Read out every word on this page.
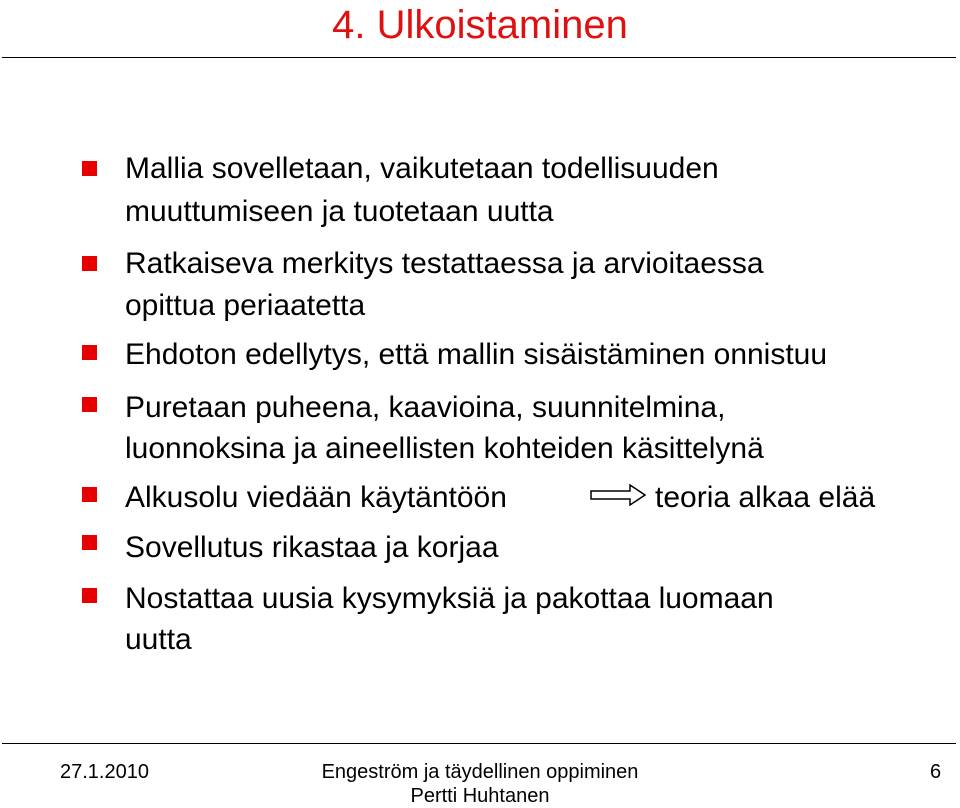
4. Ulkoistaminen
Mallia sovelletaan, vaikutetaan todellisuuden
muuttumiseen ja tuotetaan uutta
Ratkaiseva merkitys testattaessa ja arvioitaessa
opittua periaatetta
Ehdoton edellytys, että mallin sisäistäminen onnistuu
Puretaan puheena, kaavioina, suunnitelmina,
luonnoksina ja aineellisten kohteiden käsittelynä
Alkusolu viedään käytäntöön	teoria alkaa elää
Sovellutus rikastaa ja korjaa
Nostattaa uusia kysymyksiä ja pakottaa luomaan
uutta
27.1.2010	Engeström ja täydellinen oppiminen
Pertti Huhtanen
6
